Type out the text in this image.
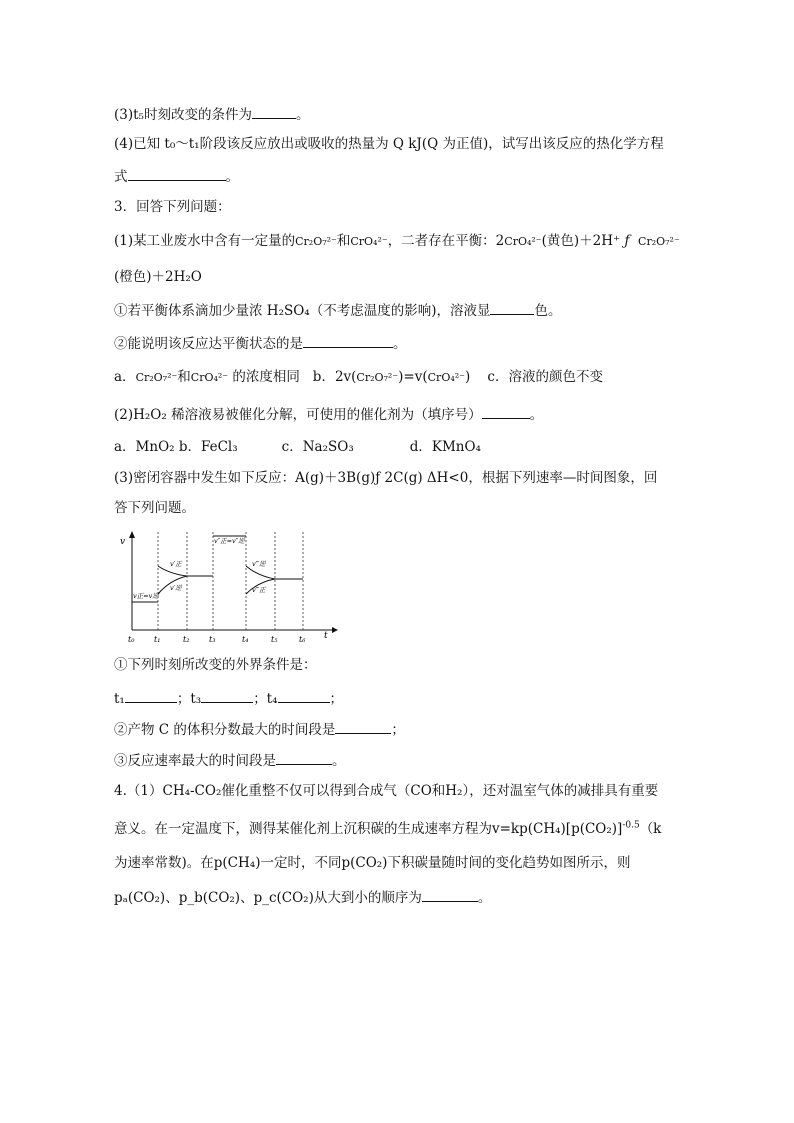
(3)t₅时刻改变的条件为	。
(4)已知 t₀～t₁阶段该反应放出或吸收的热量为 Q kJ(Q 为正值)，试写出该反应的热化学方程
式	。
3．回答下列问题：
(1)某工业废水中含有一定量的Cr₂O₇²⁻和CrO₄²⁻，二者存在平衡：2CrO₄²⁻(黄色)＋2H⁺ ƒ Cr₂O₇²⁻
(橙色)＋2H₂O
①若平衡体系滴加少量浓 H₂SO₄（不考虑温度的影响)，溶液显	色。
②能说明该反应达平衡状态的是	。
a．Cr₂O₇²⁻和CrO₄²⁻ 的浓度相同 b．2v(Cr₂O₇²⁻)=v(CrO₄²⁻) c．溶液的颜色不变
(2)H₂O₂ 稀溶液易被催化分解，可使用的催化剂为（填序号）	。
a．MnO₂ b．FeCl₃	c．Na₂SO₃	d．KMnO₄
(3)密闭容器中发生如下反应：A(g)＋3B(g)ƒ 2C(g) ΔH<0，根据下列速率—时间图象，回
答下列问题。
v
t
v正=v逆
v′正
v′逆
v″正=v″逆
v‴逆
v‴正
t₀ t₁	t₂ t₃	t₄	t₅	t₆
①下列时刻所改变的外界条件是：
t₁	；t₃	；t₄	；
②产物 C 的体积分数最大的时间段是	；
③反应速率最大的时间段是	。
4.（1）CH₄-CO₂催化重整不仅可以得到合成气（CO和H₂），还对温室气体的减排具有重要
意义。在一定温度下，测得某催化剂上沉积碳的生成速率方程为$v=kp(CH_4)[p(CO_2)]^{-0.5}(k$
为速率常数)。在p(CH₄)一定时，不同p(CO₂)下积碳量随时间的变化趋势如图所示，则
pₐ(CO₂)、p_b(CO₂)、p_c(CO₂)从大到小的顺序为	。
